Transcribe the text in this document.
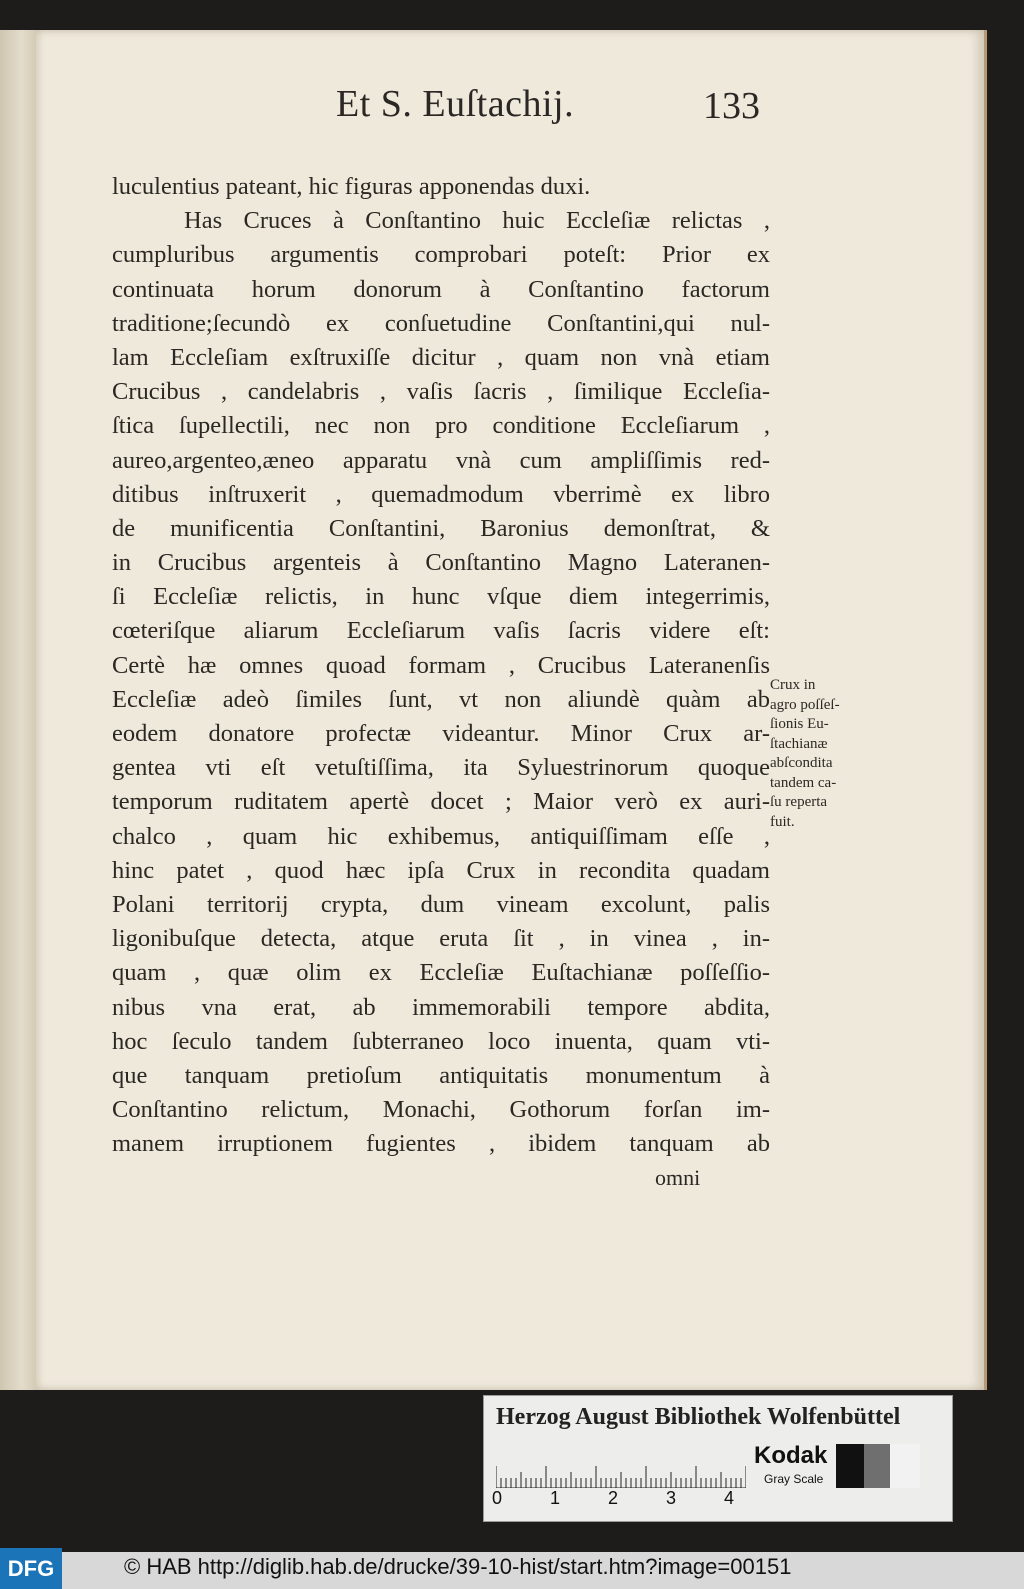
Et S. Euſtachij.	133
luculentius pateant, hic figuras apponendas duxi.
Has Cruces à Conſtantino huic Eccleſiæ relictas ,
cumpluribus argumentis comprobari poteſt: Prior ex
continuata horum donorum à Conſtantino factorum
traditione;ſecundò ex conſuetudine Conſtantini,qui nul-
lam Eccleſiam exſtruxiſſe dicitur , quam non vnà etiam
Crucibus , candelabris , vaſis ſacris , ſimilique Eccleſia-
ſtica ſupellectili, nec non pro conditione Eccleſiarum ,
aureo,argenteo,æneo apparatu vnà cum ampliſſimis red-
ditibus inſtruxerit , quemadmodum vberrimè ex libro
de munificentia Conſtantini, Baronius demonſtrat, &
in Crucibus argenteis à Conſtantino Magno Lateranen-
ſi Eccleſiæ relictis, in hunc vſque diem integerrimis,
cœteriſque aliarum Eccleſiarum vaſis ſacris videre eſt:
Certè hæ omnes quoad formam , Crucibus Lateranenſis
Eccleſiæ adeò ſimiles ſunt, vt non aliundè quàm ab
eodem donatore profectæ videantur. Minor Crux ar-
gentea vti eſt vetuſtiſſima, ita Syluestrinorum quoque
temporum ruditatem apertè docet ; Maior verò ex auri-
chalco , quam hic exhibemus, antiquiſſimam eſſe ,
hinc patet , quod hæc ipſa Crux in recondita quadam
Polani territorij crypta, dum vineam excolunt, palis
ligonibuſque detecta, atque eruta ſit , in vinea , in-
quam , quæ olim ex Eccleſiæ Euſtachianæ poſſeſſio-
nibus vna erat, ab immemorabili tempore abdita,
hoc ſeculo tandem ſubterraneo loco inuenta, quam vti-
que tanquam pretioſum antiquitatis monumentum à
Conſtantino relictum, Monachi, Gothorum forſan im-
manem irruptionem fugientes , ibidem tanquam ab
omni
Crux in
agro poſſeſ-
ſionis Eu-
ſtachianæ
abſcondita
tandem ca-
ſu reperta
fuit.
Herzog August Bibliothek Wolfenbüttel
0	1	2	3	4
Kodak
Gray Scale
© HAB http://diglib.hab.de/drucke/39-10-hist/start.htm?image=00151
DFG
